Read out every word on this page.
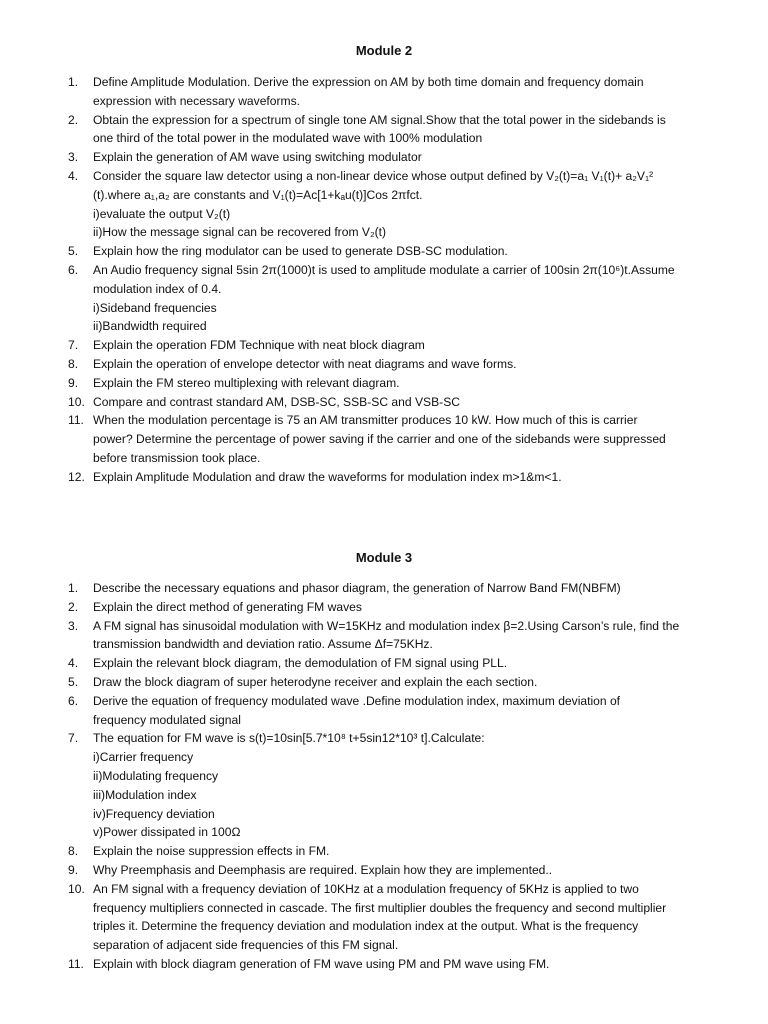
Module 2
1.	Define Amplitude Modulation. Derive the expression on AM by both time domain and frequency domain
expression with necessary waveforms.
2.	Obtain the expression for a spectrum of single tone AM signal.Show that the total power in the sidebands is
one third of the total power in the modulated wave with 100% modulation
3.	Explain the generation of AM wave using switching modulator
4.	Consider the square law detector using a non-linear device whose output defined by V₂(t)=a₁ V₁(t)+ a₂V₁²
(t).where a₁,a₂ are constants and V₁(t)=Ac[1+kₐu(t)]Cos 2πfct.
i)evaluate the output V₂(t)
ii)How the message signal can be recovered from V₂(t)
5.	Explain how the ring modulator can be used to generate DSB-SC modulation.
6.	An Audio frequency signal 5sin 2π(1000)t is used to amplitude modulate a carrier of 100sin 2π(10⁶)t.Assume
modulation index of 0.4.
i)Sideband frequencies
ii)Bandwidth required
7.	Explain the operation FDM Technique with neat block diagram
8.	Explain the operation of envelope detector with neat diagrams and wave forms.
9.	Explain the FM stereo multiplexing with relevant diagram.
10. Compare and contrast standard AM, DSB-SC, SSB-SC and VSB-SC
11. When the modulation percentage is 75 an AM transmitter produces 10 kW. How much of this is carrier
power? Determine the percentage of power saving if the carrier and one of the sidebands were suppressed
before transmission took place.
12. Explain Amplitude Modulation and draw the waveforms for modulation index m>1&m<1.
Module 3
1.	Describe the necessary equations and phasor diagram, the generation of Narrow Band FM(NBFM)
2.	Explain the direct method of generating FM waves
3.	A FM signal has sinusoidal modulation with W=15KHz and modulation index β=2.Using Carson’s rule, find the
transmission bandwidth and deviation ratio. Assume Δf=75KHz.
4.	Explain the relevant block diagram, the demodulation of FM signal using PLL.
5.	Draw the block diagram of super heterodyne receiver and explain the each section.
6.	Derive the equation of frequency modulated wave .Define modulation index, maximum deviation of
frequency modulated signal
7.	The equation for FM wave is s(t)=10sin[5.7*10⁸ t+5sin12*10³ t].Calculate:
i)Carrier frequency
ii)Modulating frequency
iii)Modulation index
iv)Frequency deviation
v)Power dissipated in 100Ω
8.	Explain the noise suppression effects in FM.
9.	Why Preemphasis and Deemphasis are required. Explain how they are implemented..
10. An FM signal with a frequency deviation of 10KHz at a modulation frequency of 5KHz is applied to two
frequency multipliers connected in cascade. The first multiplier doubles the frequency and second multiplier
triples it. Determine the frequency deviation and modulation index at the output. What is the frequency
separation of adjacent side frequencies of this FM signal.
11. Explain with block diagram generation of FM wave using PM and PM wave using FM.
